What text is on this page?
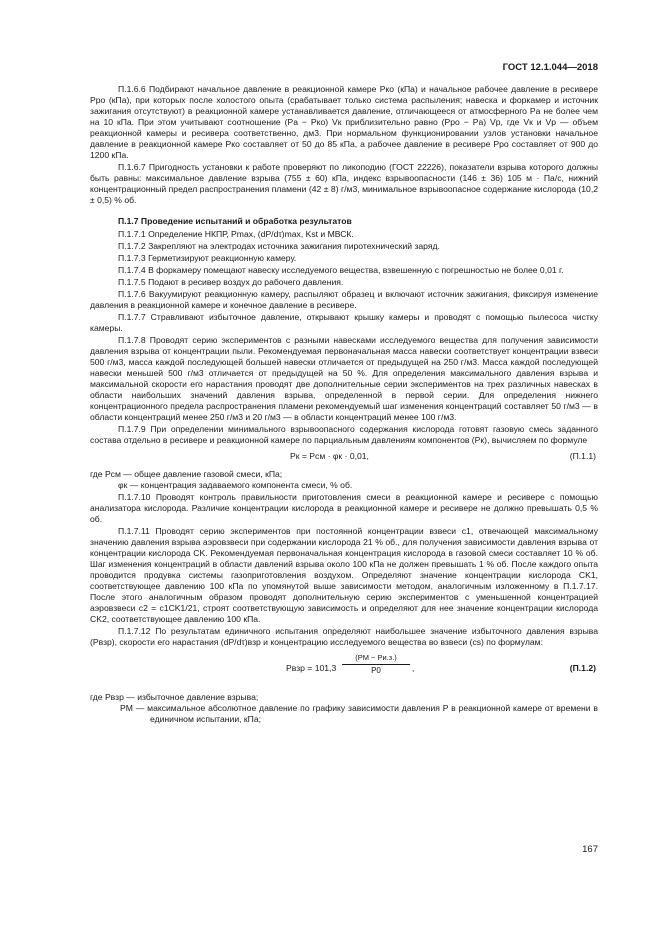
ГОСТ 12.1.044—2018

П.1.6.6 Подбирают начальное давление в реакционной камере Pко (кПа) и начальное рабочее давление в ресивере Pро (кПа), при которых после холостого опыта (срабатывает только система распыления; навеска и форкамер и источник зажигания отсутствуют) в реакционной камере устанавливается давление, отличающееся от атмосферного Pа не более чем на 10 кПа. При этом учитывают соотношение (Pа − Pко) Vк приблизительно равно (Pро − Pа) Vр, где Vк и Vр — объем реакционной камеры и ресивера соответственно, дм3. При нормальном функционировании узлов установки начальное давление в реакционной камере Pко составляет от 50 до 85 кПа, а рабочее давление в ресивере Pро составляет от 900 до 1200 кПа.

П.1.6.7 Пригодность установки к работе проверяют по ликоподию (ГОСТ 22226), показатели взрыва которого должны быть равны: максимальное давление взрыва (755 ± 60) кПа, индекс взрывоопасности (146 ± 36) 105 м · Па/с, нижний концентрационный предел распространения пламени (42 ± 8) г/м3, минимальное взрывоопасное содержание кислорода (10,2 ± 0,5) % об.

П.1.7 Проведение испытаний и обработка результатов

П.1.7.1 Определение НКПР, Pmax, (dP/dτ)max, Kst и МВСК.

П.1.7.2 Закрепляют на электродах источника зажигания пиротехнический заряд.

П.1.7.3 Герметизируют реакционную камеру.

П.1.7.4 В форкамеру помещают навеску исследуемого вещества, взвешенную с погрешностью не более 0,01 г.

П.1.7.5 Подают в ресивер воздух до рабочего давления.

П.1.7.6 Вакуумируют реакционную камеру, распыляют образец и включают источник зажигания, фиксируя изменение давления в реакционной камере и конечное давление в ресивере.

П.1.7.7 Стравливают избыточное давление, открывают крышку камеры и проводят с помощью пылесоса чистку камеры.

П.1.7.8 Проводят серию экспериментов с разными навесками исследуемого вещества для получения зависимости давления взрыва от концентрации пыли. Рекомендуемая первоначальная масса навески соответствует концентрации взвеси 500 г/м3, масса каждой последующей большей навески отличается от предыдущей на 250 г/м3. Масса каждой последующей навески меньшей 500 г/м3 отличается от предыдущей на 50 %. Для определения максимального давления взрыва и максимальной скорости его нарастания проводят две дополнительные серии экспериментов на трех различных навесках в области наибольших значений давления взрыва, определенной в первой серии. Для определения нижнего концентрационного предела распространения пламени рекомендуемый шаг изменения концентраций составляет 50 г/м3 — в области концентраций менее 250 г/м3 и 20 г/м3 — в области концентраций менее 100 г/м3.

П.1.7.9 При определении минимального взрывоопасного содержания кислорода готовят газовую смесь заданного состава отдельно в ресивере и реакционной камере по парциальным давлениям компонентов (Pк), вычисляем по формуле

Pк = Pсм · φк · 0,01,	(П.1.1)
где
Pсм — общее давление газовой смеси, кПа;
φк — концентрация задаваемого компонента смеси, % об.

П.1.7.10 Проводят контроль правильности приготовления смеси в реакционной камере и ресивере с помощью анализатора кислорода. Различие концентрации кислорода в реакционной камере и ресивере не должно превышать 0,5 % об.

П.1.7.11 Проводят серию экспериментов при постоянной концентрации взвеси c1, отвечающей максимальному значению давления взрыва аэровзвеси при содержании кислорода 21 % об., для получения зависимости давления взрыва от концентрации кислорода CK. Рекомендуемая первоначальная концентрация кислорода в газовой смеси составляет 10 % об. Шаг изменения концентраций в области давлений взрыва около 100 кПа не должен превышать 1 % об. После каждого опыта проводится продувка системы газоприготовления воздухом. Определяют значение концентрации кислорода CK1, соответствующее давлению 100 кПа по упомянутой выше зависимости методом, аналогичным изложенному в П.1.7.17. После этого аналогичным образом проводят дополнительную серию экспериментов с уменьшенной концентрацией аэровзвеси c2 = c1CK1/21, строят соответствующую зависимость и определяют для нее значение концентрации кислорода CK2, соответствующее давлению 100 кПа.

П.1.7.12 По результатам единичного испытания определяют наибольшее значение избыточного давления взрыва (Pвзр), скорости его нарастания (dP/dτ)взр и концентрацию исследуемого вещества во взвеси (cs) по формулам:

Pвзр = 101,3
(PM − Pи.з.)
P0	,	(П.1.2)
где
Pвзр — избыточное давление взрыва;
PM — максимальное абсолютное давление по графику зависимости давления P в реакционной камере от времени в единичном испытании, кПа;
167
